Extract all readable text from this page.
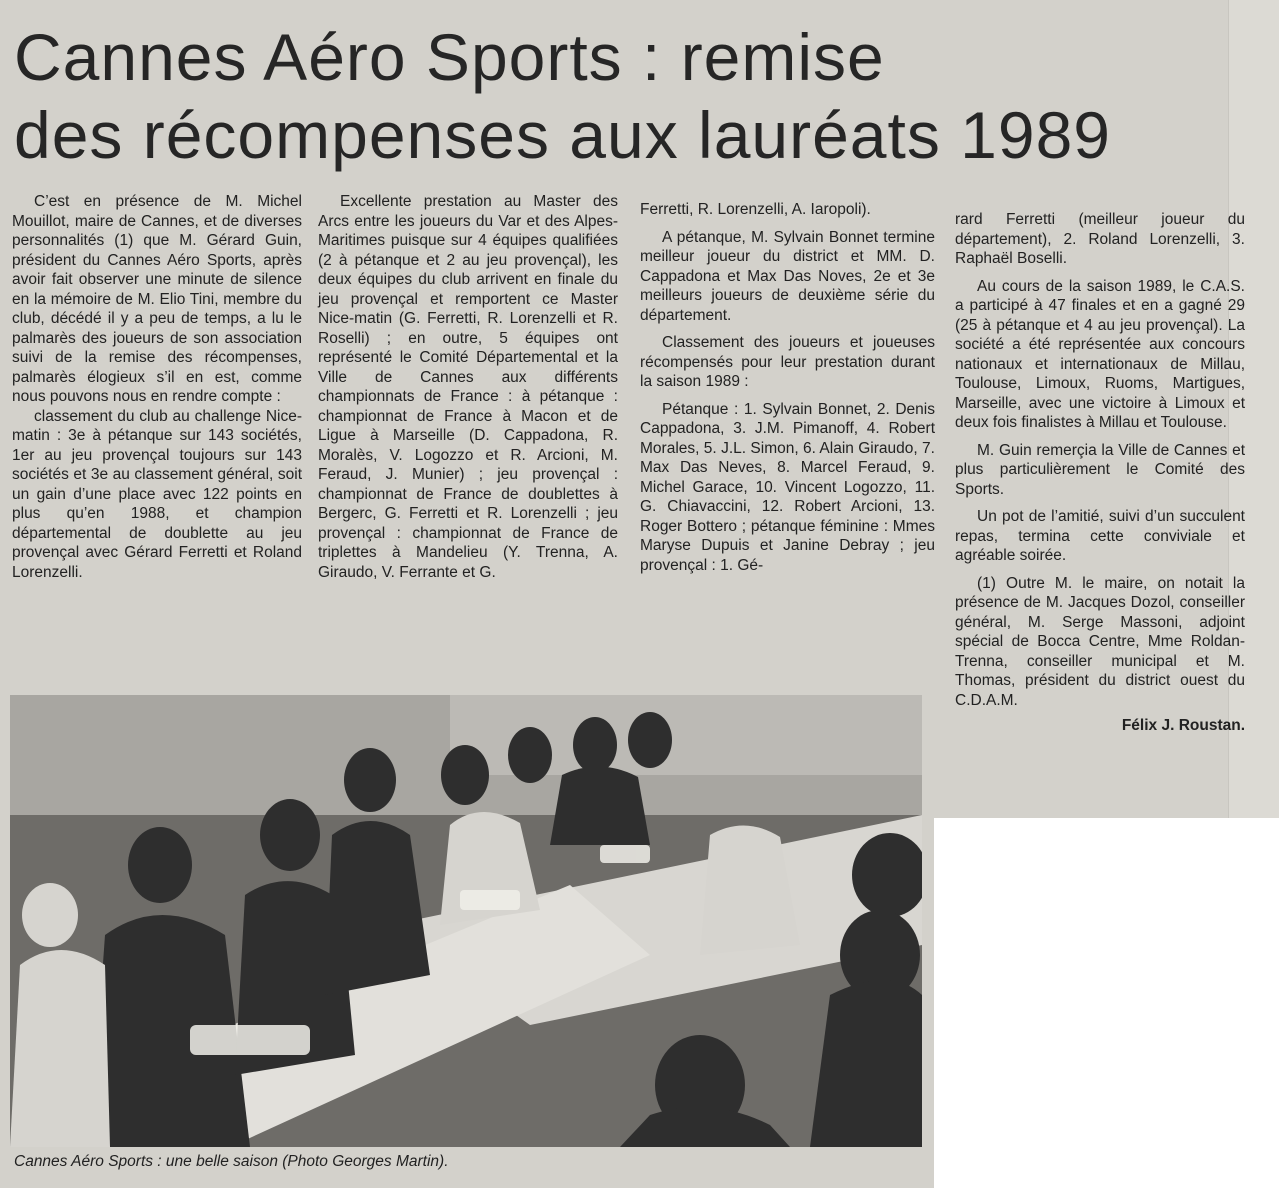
Cannes Aéro Sports : remise
des récompenses aux lauréats 1989

C’est en présence de M. Michel Mouillot, maire de Cannes, et de diverses personnalités (1) que M. Gérard Guin, président du Cannes Aéro Sports, après avoir fait observer une minute de silence en la mémoire de M. Elio Tini, membre du club, décédé il y a peu de temps, a lu le palmarès des joueurs de son association suivi de la remise des récompenses, palmarès élogieux s’il en est, comme nous pouvons nous en rendre compte :

classement du club au challenge Nice-matin : 3e à pétanque sur 143 sociétés, 1er au jeu provençal toujours sur 143 sociétés et 3e au classement général, soit un gain d’une place avec 122 points en plus qu’en 1988, et champion départemental de doublette au jeu provençal avec Gérard Ferretti et Roland Lorenzelli.

Excellente prestation au Master des Arcs entre les joueurs du Var et des Alpes-Maritimes puisque sur 4 équipes qualifiées (2 à pétanque et 2 au jeu provençal), les deux équipes du club arrivent en finale du jeu provençal et remportent ce Master Nice-matin (G. Ferretti, R. Lorenzelli et R. Roselli) ; en outre, 5 équipes ont représenté le Comité Départemental et la Ville de Cannes aux différents championnats de France : à pétanque : championnat de France à Macon et de Ligue à Marseille (D. Cappadona, R. Moralès, V. Logozzo et R. Arcioni, M. Feraud, J. Munier) ; jeu provençal : championnat de France de doublettes à Bergerc, G. Ferretti et R. Lorenzelli ; jeu provençal : championnat de France de triplettes à Mandelieu (Y. Trenna, A. Giraudo, V. Ferrante et G.

Ferretti, R. Lorenzelli, A. Iaropoli).

A pétanque, M. Sylvain Bonnet termine meilleur joueur du district et MM. D. Cappadona et Max Das Noves, 2e et 3e meilleurs joueurs de deuxième série du département.

Classement des joueurs et joueuses récompensés pour leur prestation durant la saison 1989 :

Pétanque : 1. Sylvain Bonnet, 2. Denis Cappadona, 3. J.M. Pimanoff, 4. Robert Morales, 5. J.L. Simon, 6. Alain Giraudo, 7. Max Das Neves, 8. Marcel Feraud, 9. Michel Garace, 10. Vincent Logozzo, 11. G. Chiavaccini, 12. Robert Arcioni, 13. Roger Bottero ; pétanque féminine : Mmes Maryse Dupuis et Janine Debray ; jeu provençal : 1. Gé-

rard Ferretti (meilleur joueur du département), 2. Roland Lorenzelli, 3. Raphaël Boselli.

Au cours de la saison 1989, le C.A.S. a participé à 47 finales et en a gagné 29 (25 à pétanque et 4 au jeu provençal). La société a été représentée aux concours nationaux et internationaux de Millau, Toulouse, Limoux, Ruoms, Martigues, Marseille, avec une victoire à Limoux et deux fois finalistes à Millau et Toulouse.

M. Guin remerçia la Ville de Cannes et plus particulièrement le Comité des Sports.

Un pot de l’amitié, suivi d’un succulent repas, termina cette conviviale et agréable soirée.

(1) Outre M. le maire, on notait la présence de M. Jacques Dozol, conseiller général, M. Serge Massoni, adjoint spécial de Bocca Centre, Mme Roldan-Trenna, conseiller municipal et M. Thomas, président du district ouest du C.D.A.M.

Félix J. Roustan.

Cannes Aéro Sports : une belle saison (Photo Georges Martin).
